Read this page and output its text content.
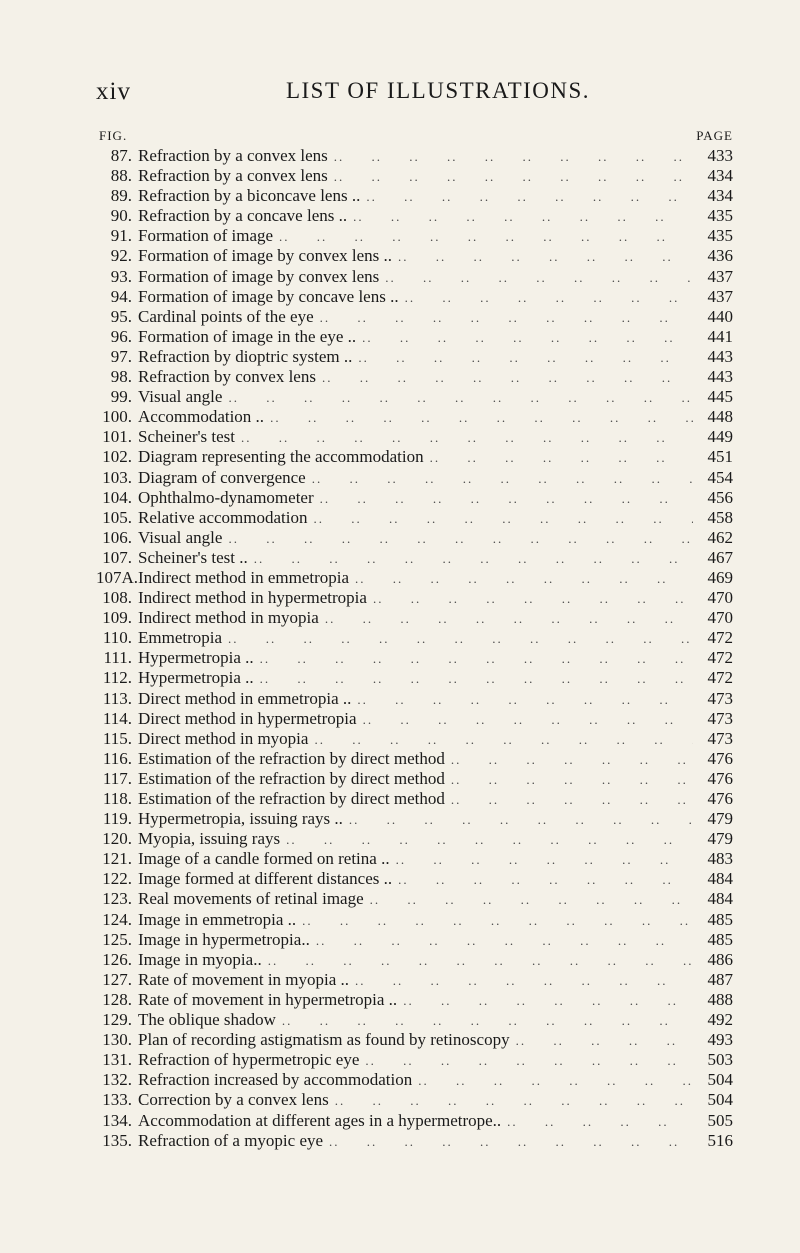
xiv	LIST OF ILLUSTRATIONS.
FIG.	PAGE
87. Refraction by a convex lens .. ..	433
88. Refraction by a convex lens .. ..	434
89. Refraction by a biconcave lens .. .. ..	434
90. Refraction by a concave lens .. .. ..	435
91. Formation of image .. ..	435
92. Formation of image by convex lens .. .. ..	436
93. Formation of image by convex lens .. ..	437
94. Formation of image by concave lens .. .. ..	437
95. Cardinal points of the eye .. ..	440
96. Formation of image in the eye .. .. ..	441
97. Refraction by dioptric system .. .. ..	443
98. Refraction by convex lens .. ..	443
99. Visual angle .. ..	445
100. Accommodation .. .. ..	448
101. Scheiner's test .. ..	449
102. Diagram representing the accommodation .. ..	451
103. Diagram of convergence .. ..	454
104. Ophthalmo-dynamometer .. ..	456
105. Relative accommodation .. ..	458
106. Visual angle .. ..	462
107. Scheiner's test .. .. ..	467
107A. Indirect method in emmetropia .. ..	469
108. Indirect method in hypermetropia .. ..	470
109. Indirect method in myopia .. ..	470
110. Emmetropia .. ..	472
111. Hypermetropia .. .. ..	472
112. Hypermetropia .. .. ..	472
113. Direct method in emmetropia .. .. ..	473
114. Direct method in hypermetropia .. ..	473
115. Direct method in myopia .. ..	473
116. Estimation of the refraction by direct method .. ..	476
117. Estimation of the refraction by direct method .. ..	476
118. Estimation of the refraction by direct method .. ..	476
119. Hypermetropia, issuing rays .. .. ..	479
120. Myopia, issuing rays .. ..	479
121. Image of a candle formed on retina .. .. ..	483
122. Image formed at different distances .. .. ..	484
123. Real movements of retinal image .. ..	484
124. Image in emmetropia .. .. ..	485
125. Image in hypermetropia.. .. ..	485
126. Image in myopia.. .. ..	486
127. Rate of movement in myopia .. .. ..	487
128. Rate of movement in hypermetropia .. .. ..	488
129. The oblique shadow .. ..	492
130. Plan of recording astigmatism as found by retinoscopy .. ..	493
131. Refraction of hypermetropic eye .. ..	503
132. Refraction increased by accommodation .. ..	504
133. Correction by a convex lens .. ..	504
134. Accommodation at different ages in a hypermetrope.. .. ..	505
135. Refraction of a myopic eye .. ..	516
